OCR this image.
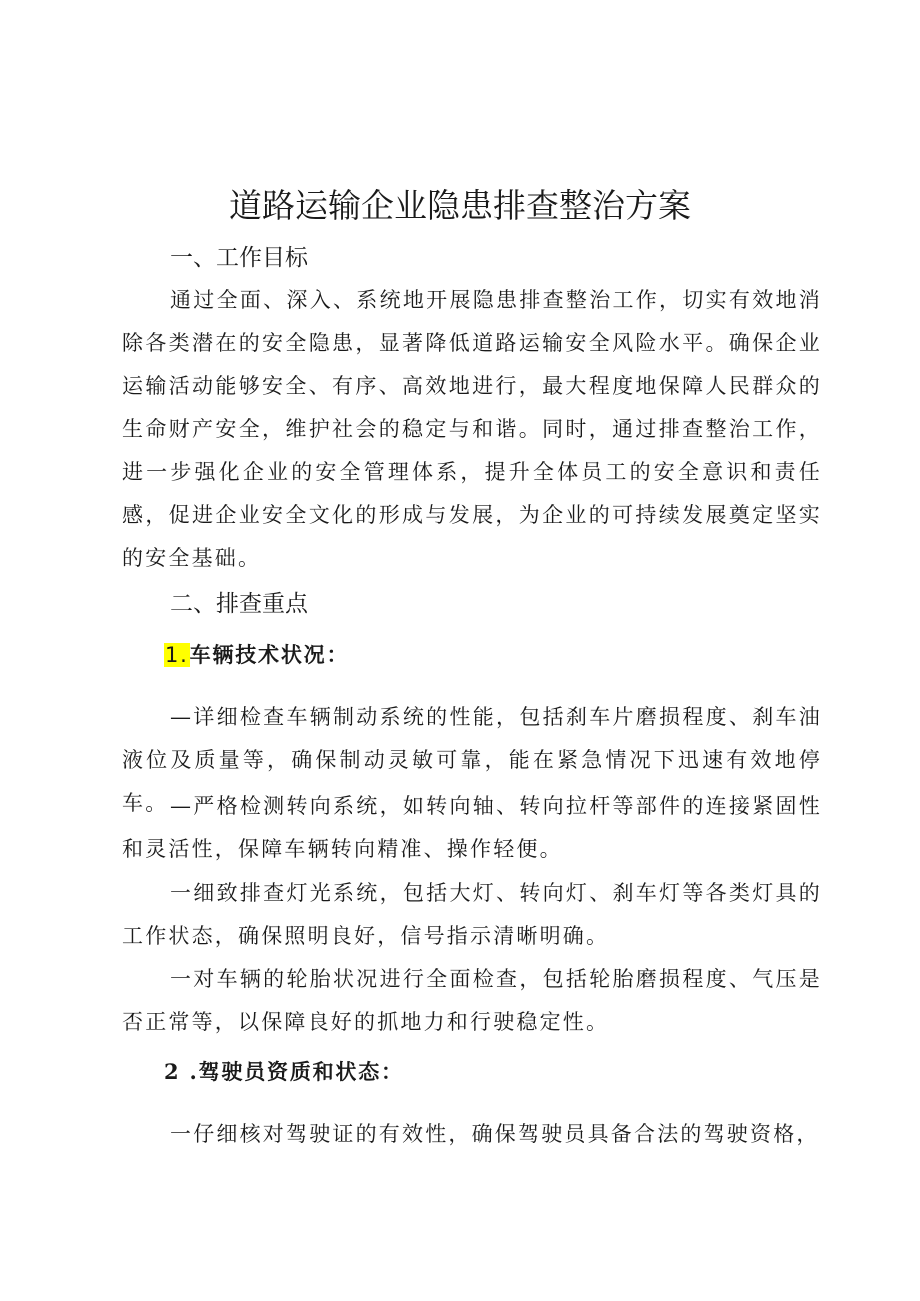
道路运输企业隐患排查整治方案
一、工作目标

通过全面、深入、系统地开展隐患排查整治工作，切实有效地消除各类潜在的安全隐患，显著降低道路运输安全风险水平。确保企业运输活动能够安全、有序、高效地进行，最大程度地保障人民群众的生命财产安全，维护社会的稳定与和谐。同时，通过排查整治工作，进一步强化企业的安全管理体系，提升全体员工的安全意识和责任感，促进企业安全文化的形成与发展，为企业的可持续发展奠定坚实的安全基础。

二、排查重点
1.车辆技术状况：

—详细检查车辆制动系统的性能，包括刹车片磨损程度、刹车油液位及质量等，确保制动灵敏可靠，能在紧急情况下迅速有效地停车。 —严格检测转向系统，如转向轴、转向拉杆等部件的连接紧固性和灵活性，保障车辆转向精准、操作轻便。

一细致排查灯光系统，包括大灯、转向灯、刹车灯等各类灯具的工作状态，确保照明良好，信号指示清晰明确。

一对车辆的轮胎状况进行全面检查，包括轮胎磨损程度、气压是否正常等，以保障良好的抓地力和行驶稳定性。

2 .驾驶员资质和状态：

一仔细核对驾驶证的有效性，确保驾驶员具备合法的驾驶资格，
